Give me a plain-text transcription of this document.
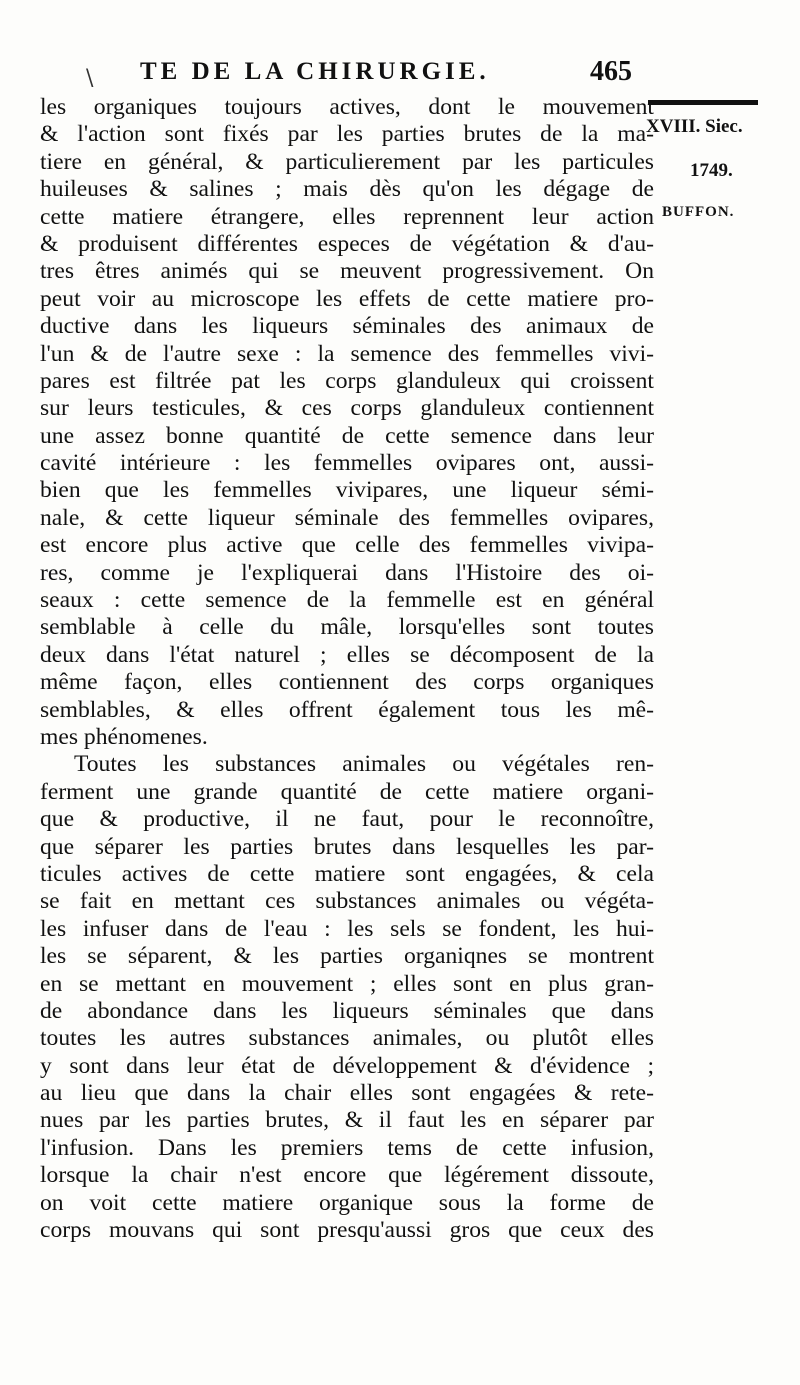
\ TE DE LA CHIRURGIE.	465
XVIII. Siec.
1749.
BUFFON.
les organiques toujours actives, dont le mouvement
& l'action sont fixés par les parties brutes de la ma-
tiere en général, & particulierement par les particules
huileuses & salines ; mais dès qu'on les dégage de
cette matiere étrangere, elles reprennent leur action
& produisent différentes especes de végétation & d'au-
tres êtres animés qui se meuvent progressivement. On
peut voir au microscope les effets de cette matiere pro-
ductive dans les liqueurs séminales des animaux de
l'un & de l'autre sexe : la semence des femmelles vivi-
pares est filtrée pat les corps glanduleux qui croissent
sur leurs testicules, & ces corps glanduleux contiennent
une assez bonne quantité de cette semence dans leur
cavité intérieure : les femmelles ovipares ont, aussi-
bien que les femmelles vivipares, une liqueur sémi-
nale, & cette liqueur séminale des femmelles ovipares,
est encore plus active que celle des femmelles vivipa-
res, comme je l'expliquerai dans l'Histoire des oi-
seaux : cette semence de la femmelle est en général
semblable à celle du mâle, lorsqu'elles sont toutes
deux dans l'état naturel ; elles se décomposent de la
même façon, elles contiennent des corps organiques
semblables, & elles offrent également tous les mê-
mes phénomenes.
Toutes les substances animales ou végétales ren-
ferment une grande quantité de cette matiere organi-
que & productive, il ne faut, pour le reconnoître,
que séparer les parties brutes dans lesquelles les par-
ticules actives de cette matiere sont engagées, & cela
se fait en mettant ces substances animales ou végéta-
les infuser dans de l'eau : les sels se fondent, les hui-
les se séparent, & les parties organiqnes se montrent
en se mettant en mouvement ; elles sont en plus gran-
de abondance dans les liqueurs séminales que dans
toutes les autres substances animales, ou plutôt elles
y sont dans leur état de développement & d'évidence ;
au lieu que dans la chair elles sont engagées & rete-
nues par les parties brutes, & il faut les en séparer par
l'infusion. Dans les premiers tems de cette infusion,
lorsque la chair n'est encore que légérement dissoute,
on voit cette matiere organique sous la forme de
corps mouvans qui sont presqu'aussi gros que ceux des
